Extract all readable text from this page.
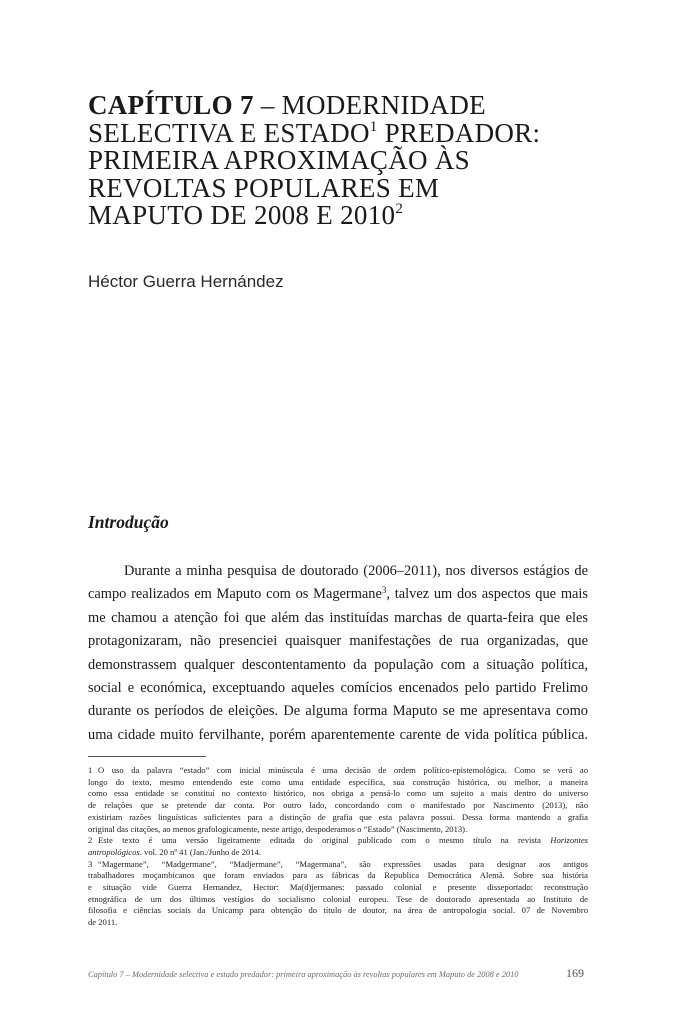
CAPÍTULO 7 – MODERNIDADE
SELECTIVA E ESTADO$^1$ PREDADOR:
PRIMEIRA APROXIMAÇÃO ÀS
REVOLTAS POPULARES EM
MAPUTO DE 2008 E 2010$^2$
Héctor Guerra Hernández
Introdução
Durante a minha pesquisa de doutorado (2006–2011), nos diversos estágios de
campo realizados em Maputo com os Magermane$^3$, talvez um dos aspectos que mais
me chamou a atenção foi que além das instituídas marchas de quarta-feira que eles
protagonizaram, não presenciei quaisquer manifestações de rua organizadas, que
demonstrassem qualquer descontentamento da população com a situação política,
social e económica, exceptuando aqueles comícios encenados pelo partido Frelimo
durante os períodos de eleições. De alguma forma Maputo se me apresentava como
uma cidade muito fervilhante, porém aparentemente carente de vida política pública.
1 O uso da palavra “estado” com inicial minúscula é uma decisão de ordem político-epistemológica. Como se verá ao
longo do texto, mesmo entendendo este como uma entidade específica, sua construção histórica, ou melhor, a maneira
como essa entidade se constituí no contexto histórico, nos obriga a pensá-lo como um sujeito a mais dentro do universo
de relações que se pretende dar conta. Por outro lado, concordando com o manifestado por Nascimento (2013), não
existiriam razões linguísticas suficientes para a distinção de grafia que esta palavra possui. Dessa forma mantendo a grafia
original das citações, ao menos grafologicamente, neste artigo, despoderamos o “Estado” (Nascimento, 2013).
2 Este texto é uma versão ligeiramente editada do original publicado com o mesmo título na revista Horizontes
antropológicos. vol. 20 nº 41 (Jan./Junho de 2014.
3 “Magermane”, “Madgermane”, “Madjermane”, “Magermana”, são expressões usadas para designar aos antigos
trabalhadores moçambicanos que foram enviados para as fábricas da Republica Democrática Alemã. Sobre sua história
e situação vide Guerra Hernandez, Hector: Ma(d)jermanes: passado colonial e presente disseportado: reconstrução
etnográfica de um dos últimos vestígios do socialismo colonial europeu. Tese de doutorado apresentada ao Instituto de
filosofia e ciências sociais da Unicamp para obtenção do título de doutor, na área de antropologia social. 07 de Novembro
de 2011.
Capítulo 7 – Modernidade selectiva e estado predador: primeira aproximação às revoltas populares em Maputo de 2008 e 2010	169
